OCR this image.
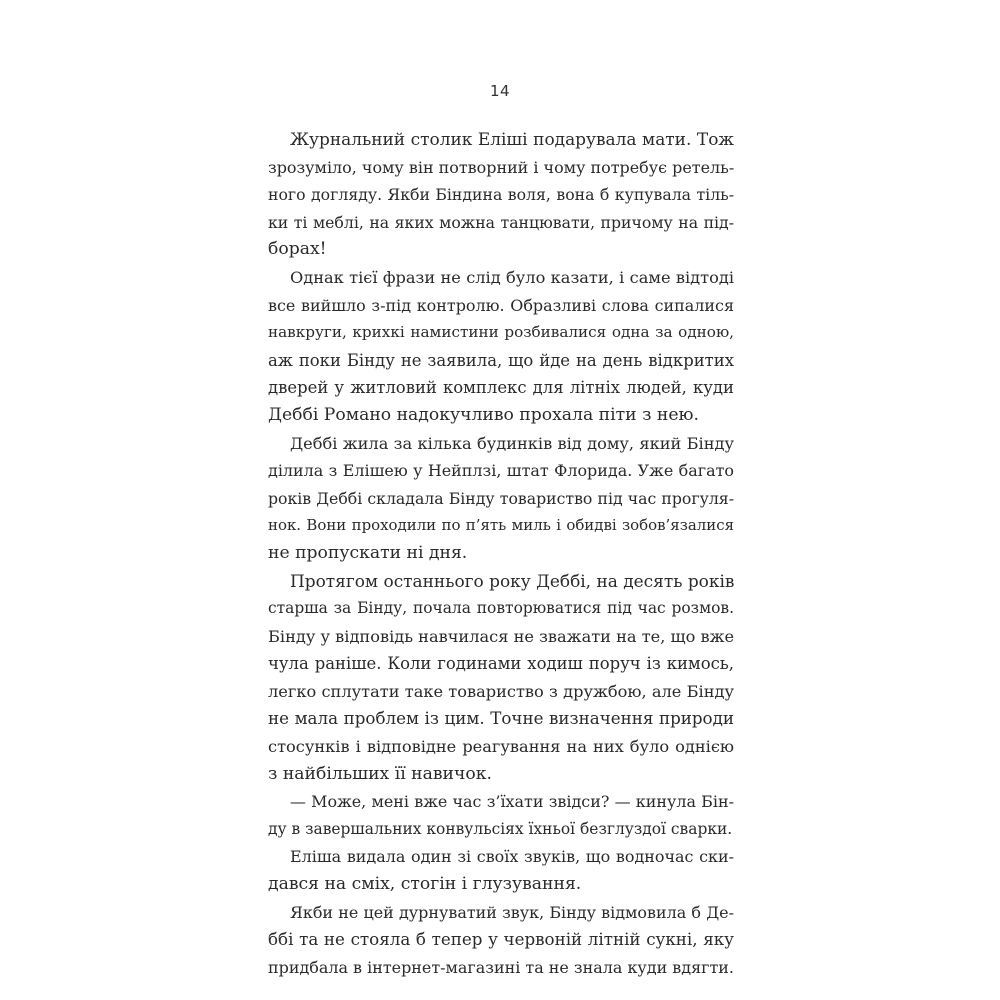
14
Журнальний столик Еліші подарувала мати. Тож
зрозуміло, чому він потворний і чому потребує ретель-
ного догляду. Якби Біндина воля, вона б купувала тіль-
ки ті меблі, на яких можна танцювати, причому на під-
борах!
Однак тієї фрази не слід було казати, і саме відтоді
все вийшло з-під контролю. Образливі слова сипалися
навкруги, крихкі намистини розбивалися одна за одною,
аж поки Бінду не заявила, що йде на день відкритих
дверей у житловий комплекс для літніх людей, куди
Деббі Романо надокучливо прохала піти з нею.
Деббі жила за кілька будинків від дому, який Бінду
ділила з Елішею у Нейплзі, штат Флорида. Уже багато
років Деббі складала Бінду товариство під час прогуля-
нок. Вони проходили по п’ять миль і обидві зобов’язалися
не пропускати ні дня.
Протягом останнього року Деббі, на десять років
старша за Бінду, почала повторюватися під час розмов.
Бінду у відповідь навчилася не зважати на те, що вже
чула раніше. Коли годинами ходиш поруч із кимось,
легко сплутати таке товариство з дружбою, але Бінду
не мала проблем із цим. Точне визначення природи
стосунків і відповідне реагування на них було однією
з найбільших її навичок.
— Може, мені вже час з’їхати звідси? — кинула Бін-
ду в завершальних конвульсіях їхньої безглуздої сварки.
Еліша видала один зі своїх звуків, що водночас ски-
дався на сміх, стогін і глузування.
Якби не цей дурнуватий звук, Бінду відмовила б Де-
ббі та не стояла б тепер у червоній літній сукні, яку
придбала в інтернет-магазині та не знала куди вдягти.
